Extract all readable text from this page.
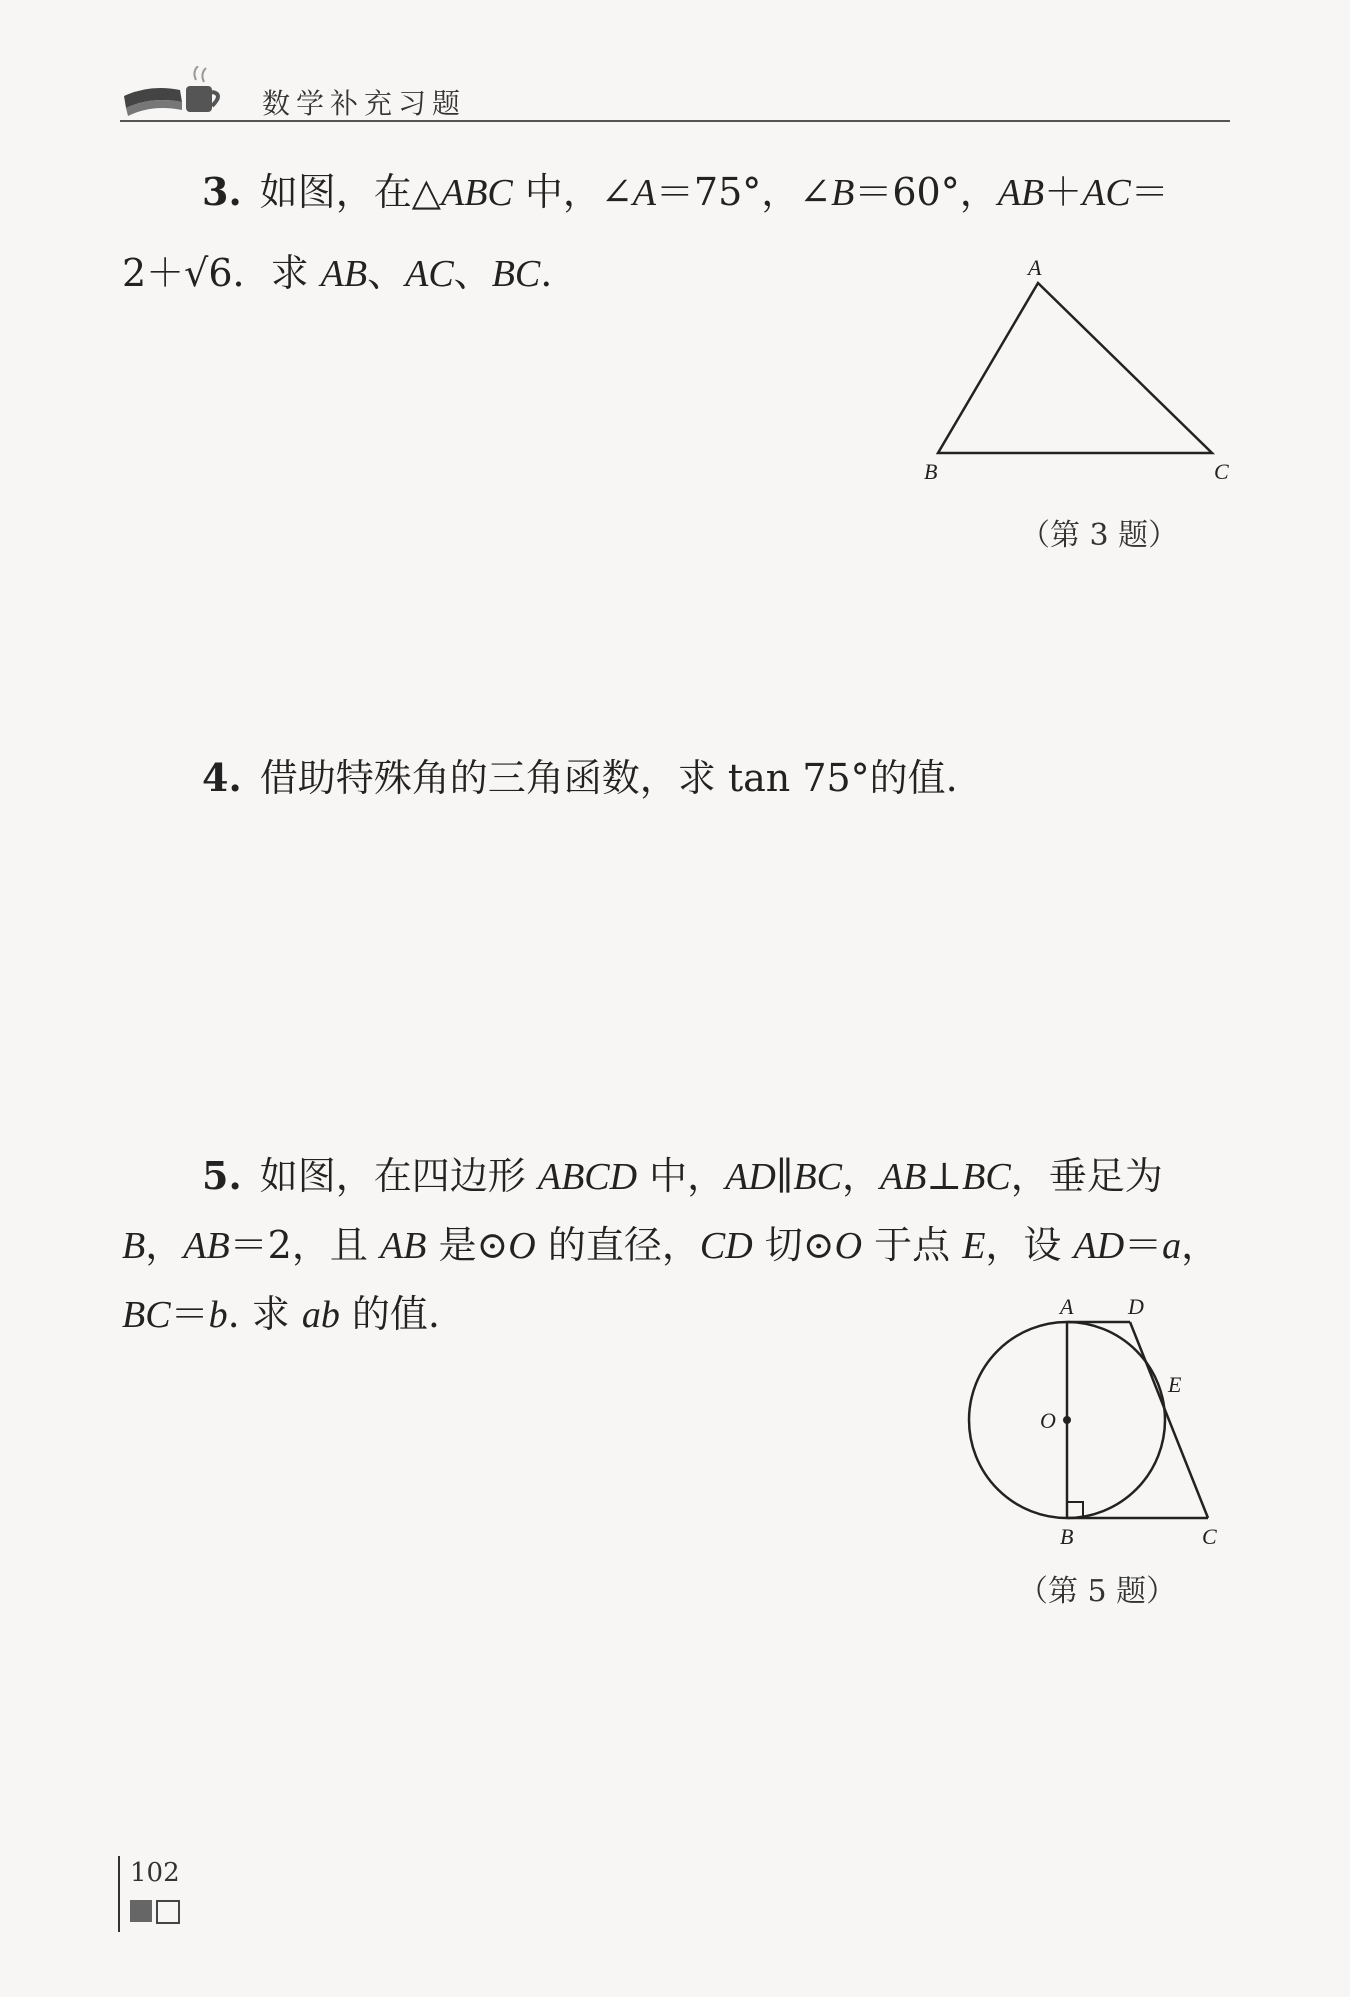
数学补充习题
3. 如图，在△ABC 中，∠A＝75°，∠B＝60°，AB＋AC＝
2＋√6．求 AB、AC、BC.	A
B	C
（第 3 题）
4. 借助特殊角的三角函数，求 tan 75°的值.
5. 如图，在四边形 ABCD 中，AD∥BC，AB⊥BC，垂足为
B，AB＝2，且 AB 是⊙O 的直径，CD 切⊙O 于点 E，设 AD＝a，
BC＝b. 求 ab 的值.	A D
E
O
B	C
（第 5 题）
102
